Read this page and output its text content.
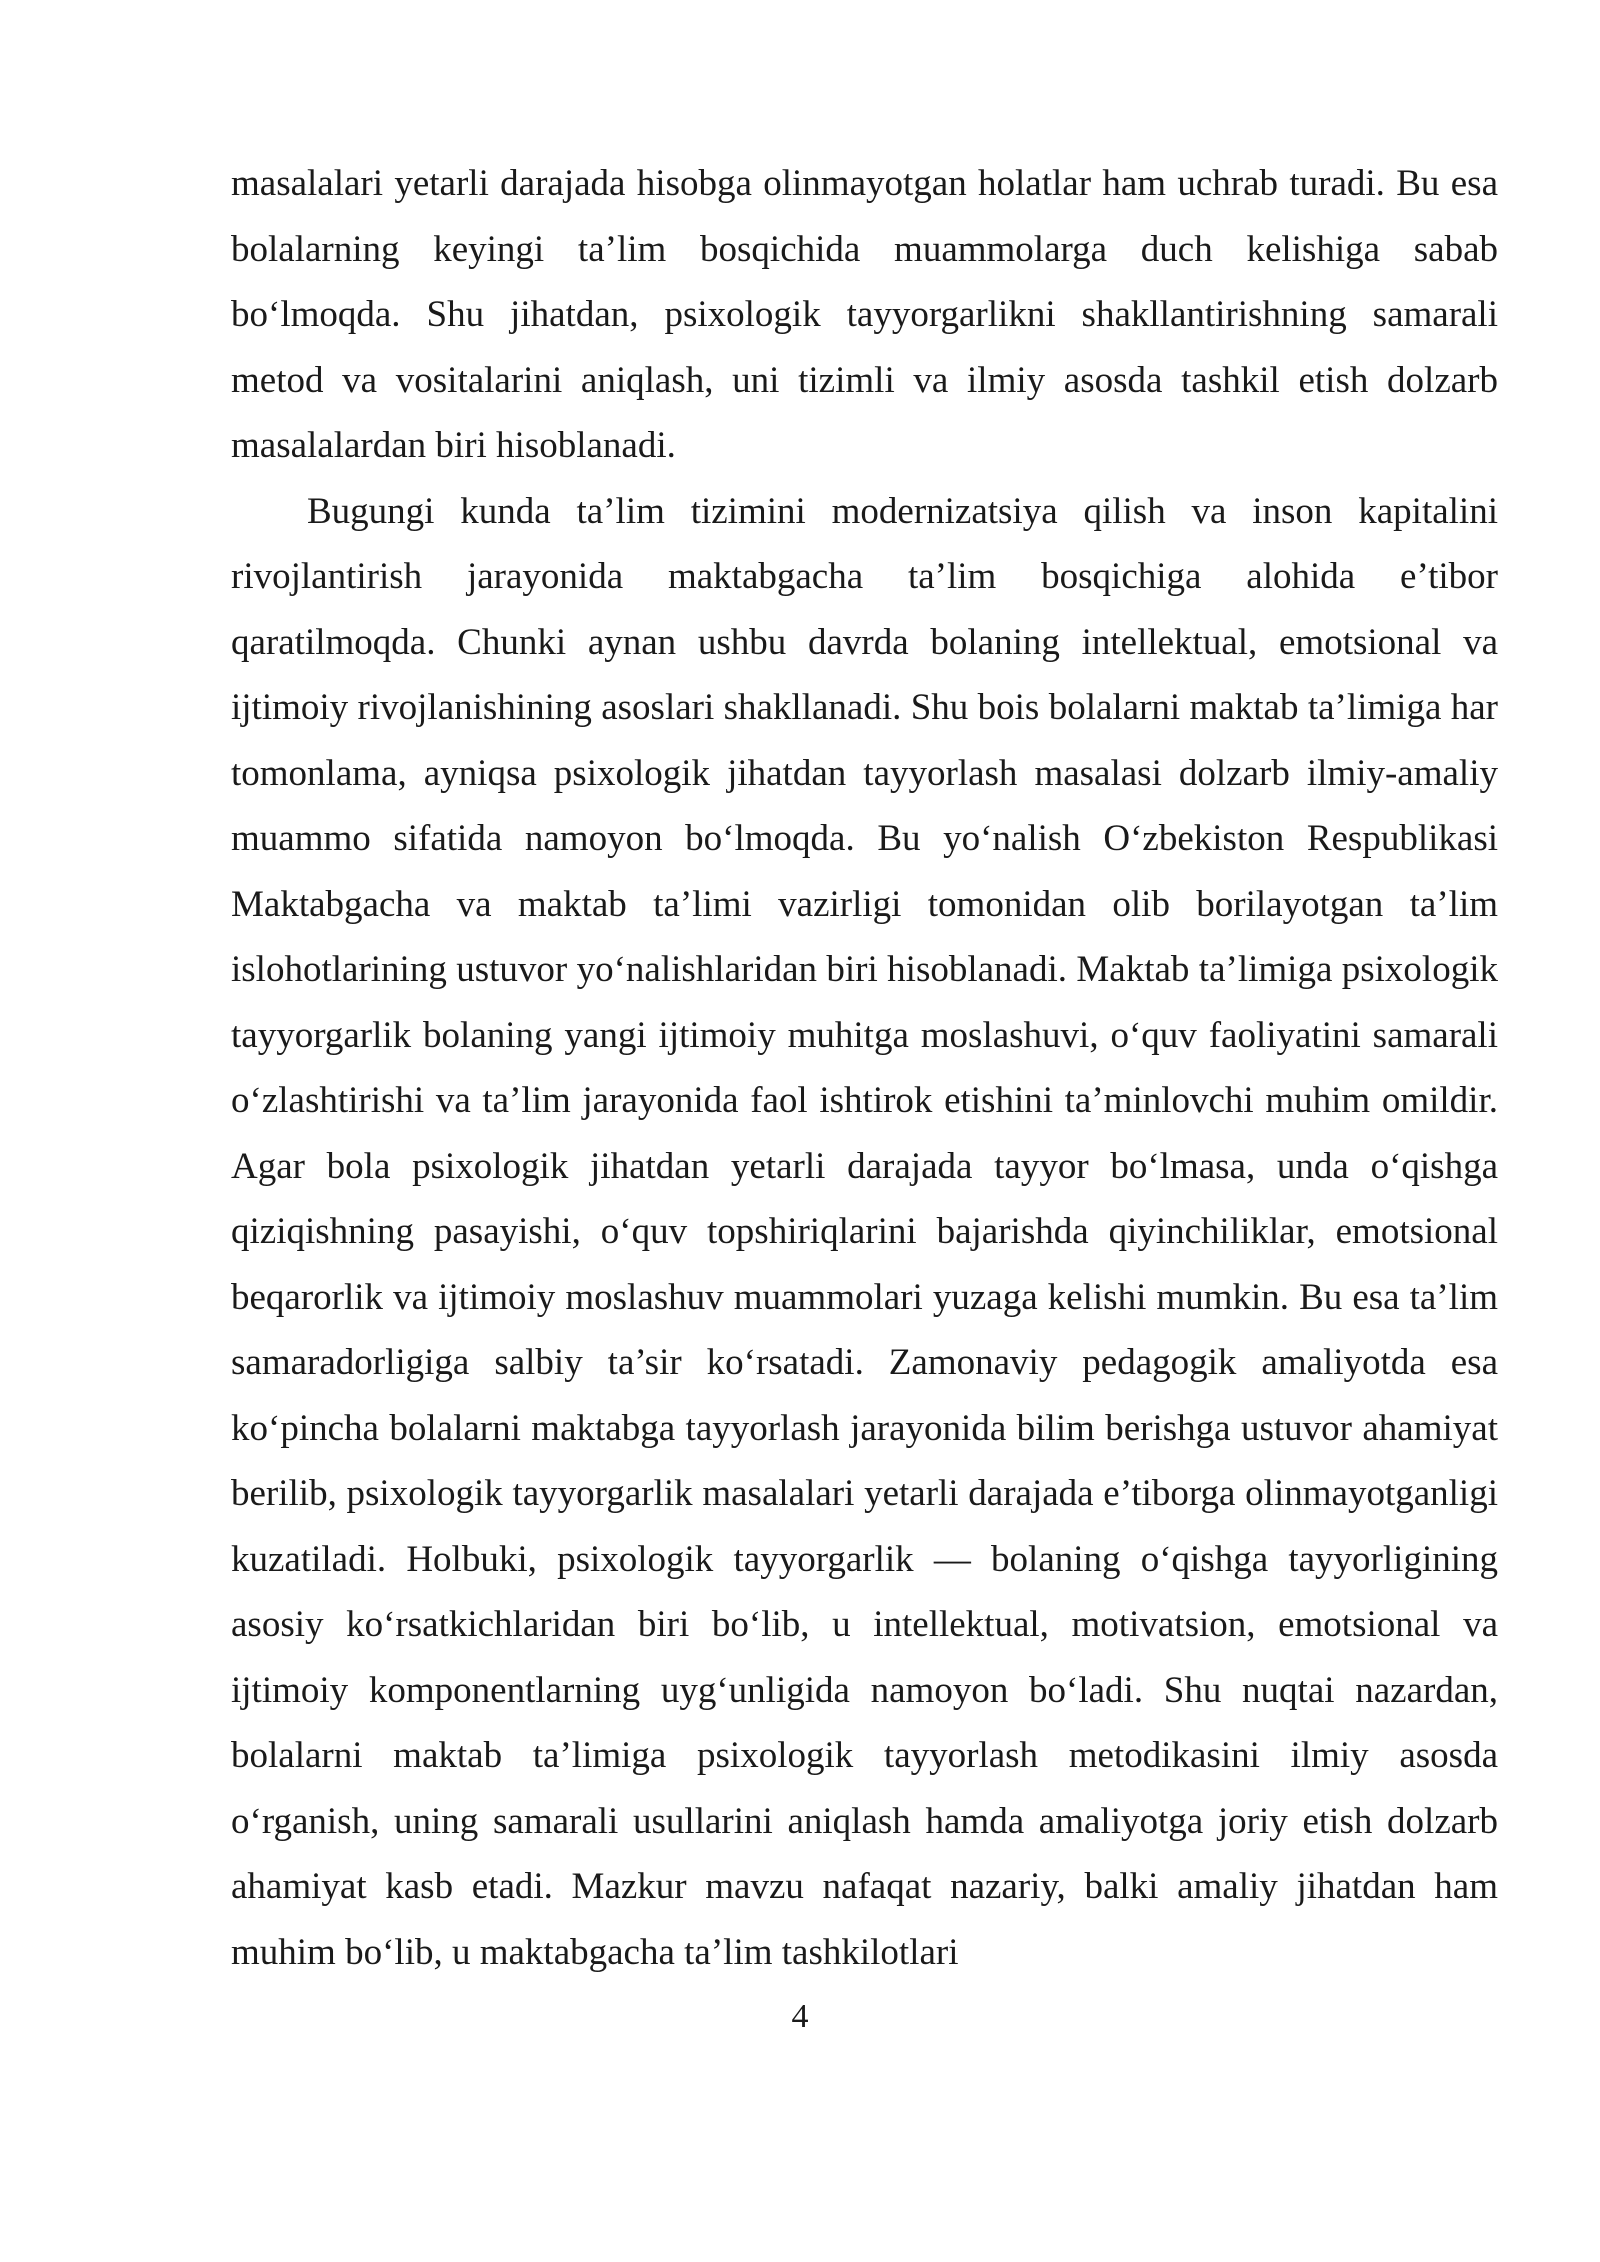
masalalari yetarli darajada hisobga olinmayotgan holatlar ham uchrab turadi. Bu esa bolalarning keyingi ta’lim bosqichida muammolarga duch kelishiga sabab bo‘lmoqda. Shu jihatdan, psixologik tayyorgarlikni shakllantirishning samarali metod va vositalarini aniqlash, uni tizimli va ilmiy asosda tashkil etish dolzarb masalalardan biri hisoblanadi.

Bugungi kunda ta’lim tizimini modernizatsiya qilish va inson kapitalini rivojlantirish jarayonida maktabgacha ta’lim bosqichiga alohida e’tibor qaratilmoqda. Chunki aynan ushbu davrda bolaning intellektual, emotsional va ijtimoiy rivojlanishining asoslari shakllanadi. Shu bois bolalarni maktab ta’limiga har tomonlama, ayniqsa psixologik jihatdan tayyorlash masalasi dolzarb ilmiy-amaliy muammo sifatida namoyon bo‘lmoqda. Bu yo‘nalish O‘zbekiston Respublikasi Maktabgacha va maktab ta’limi vazirligi tomonidan olib borilayotgan ta’lim islohotlarining ustuvor yo‘nalishlaridan biri hisoblanadi. Maktab ta’limiga psixologik tayyorgarlik bolaning yangi ijtimoiy muhitga moslashuvi, o‘quv faoliyatini samarali o‘zlashtirishi va ta’lim jarayonida faol ishtirok etishini ta’minlovchi muhim omildir. Agar bola psixologik jihatdan yetarli darajada tayyor bo‘lmasa, unda o‘qishga qiziqishning pasayishi, o‘quv topshiriqlarini bajarishda qiyinchiliklar, emotsional beqarorlik va ijtimoiy moslashuv muammolari yuzaga kelishi mumkin. Bu esa ta’lim samaradorligiga salbiy ta’sir ko‘rsatadi. Zamonaviy pedagogik amaliyotda esa ko‘pincha bolalarni maktabga tayyorlash jarayonida bilim berishga ustuvor ahamiyat berilib, psixologik tayyorgarlik masalalari yetarli darajada e’tiborga olinmayotganligi kuzatiladi. Holbuki, psixologik tayyorgarlik — bolaning o‘qishga tayyorligining asosiy ko‘rsatkichlaridan biri bo‘lib, u intellektual, motivatsion, emotsional va ijtimoiy komponentlarning uyg‘unligida namoyon bo‘ladi. Shu nuqtai nazardan, bolalarni maktab ta’limiga psixologik tayyorlash metodikasini ilmiy asosda o‘rganish, uning samarali usullarini aniqlash hamda amaliyotga joriy etish dolzarb ahamiyat kasb etadi. Mazkur mavzu nafaqat nazariy, balki amaliy jihatdan ham muhim bo‘lib, u maktabgacha ta’lim tashkilotlari

4
